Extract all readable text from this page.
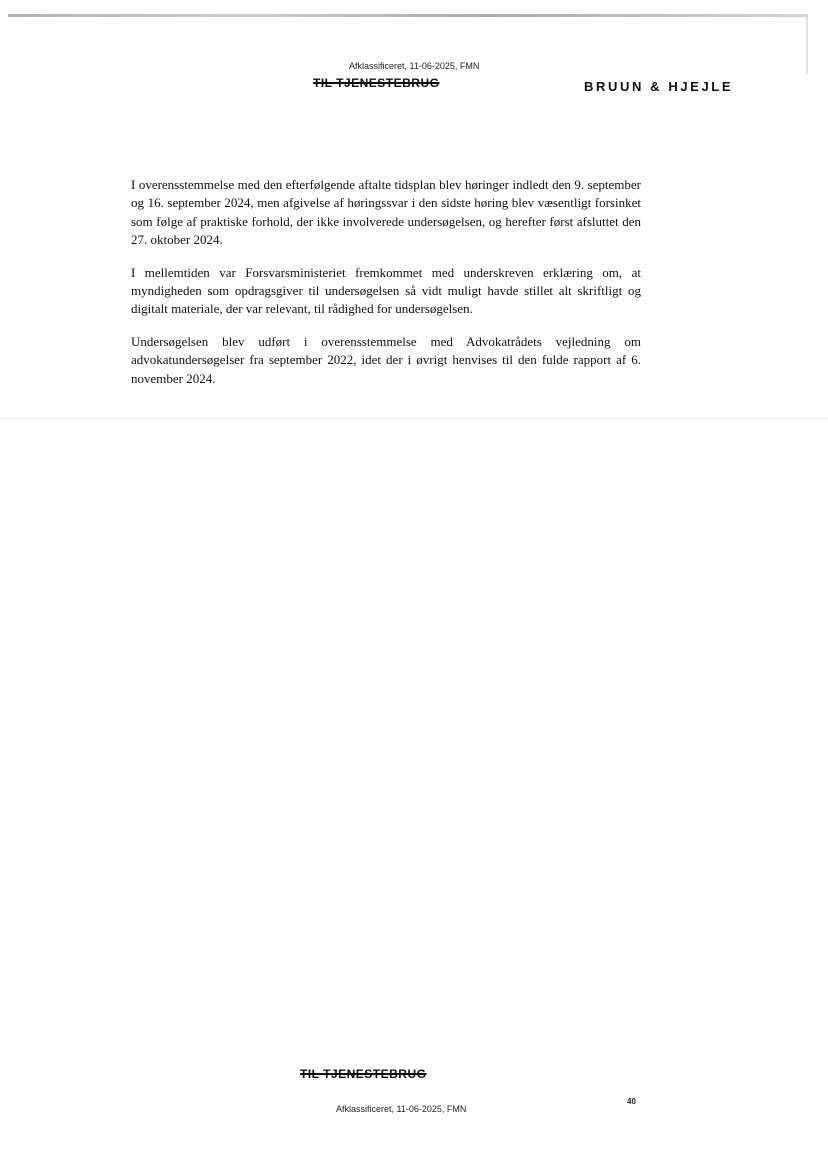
Afklassificeret, 11-06-2025, FMN
TIL TJENESTEBRUG	BRUUN & HJEJLE

I overensstemmelse med den efterfølgende aftalte tidsplan blev høringer indledt den 9. september og 16. september 2024, men afgivelse af høringssvar i den sidste høring blev væsentligt forsinket som følge af praktiske forhold, der ikke involverede undersøgelsen, og herefter først afsluttet den 27. oktober 2024.

I mellemtiden var Forsvarsministeriet fremkommet med underskreven erklæring om, at myndigheden som opdragsgiver til undersøgelsen så vidt muligt havde stillet alt skriftligt og digitalt materiale, der var relevant, til rådighed for undersøgelsen.

Undersøgelsen blev udført i overensstemmelse med Advokatrådets vejledning om advokatundersøgelser fra september 2022, idet der i øvrigt henvises til den fulde rapport af 6. november 2024.

TIL TJENESTEBRUG
40
Afklassificeret, 11-06-2025, FMN
